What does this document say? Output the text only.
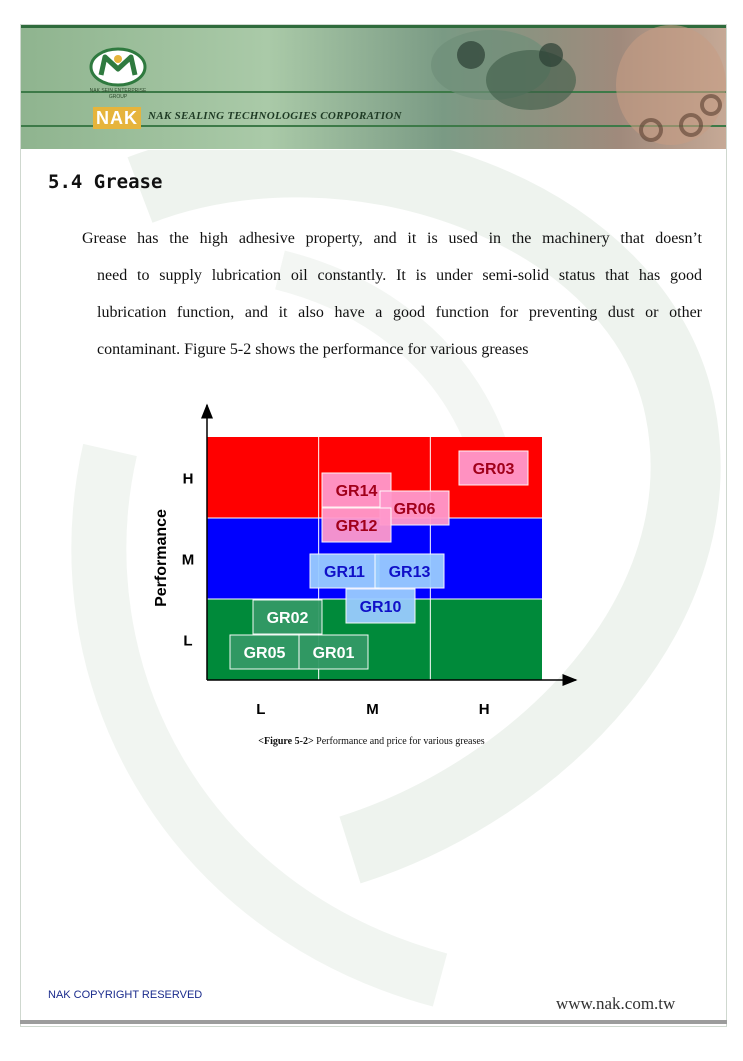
NAK SEIN ENTERPRISE GROUP
NAK NAK SEALING TECHNOLOGIES CORPORATION
5.4 Grease
Grease has the high adhesive property, and it is used in the machinery that doesn’t
need to supply lubrication oil constantly. It is under semi-solid status that has good
lubrication function, and it also have a good function for preventing dust or other
contaminant. Figure 5-2 shows the performance for various greases
Performance
L	M	H
L
M
H
GR03
GR14
GR06
GR12
GR11 GR13
GR10
GR02
GR05 GR01
<Figure 5-2> Performance and price for various greases
NAK COPYRIGHT RESERVED	www.nak.com.tw
